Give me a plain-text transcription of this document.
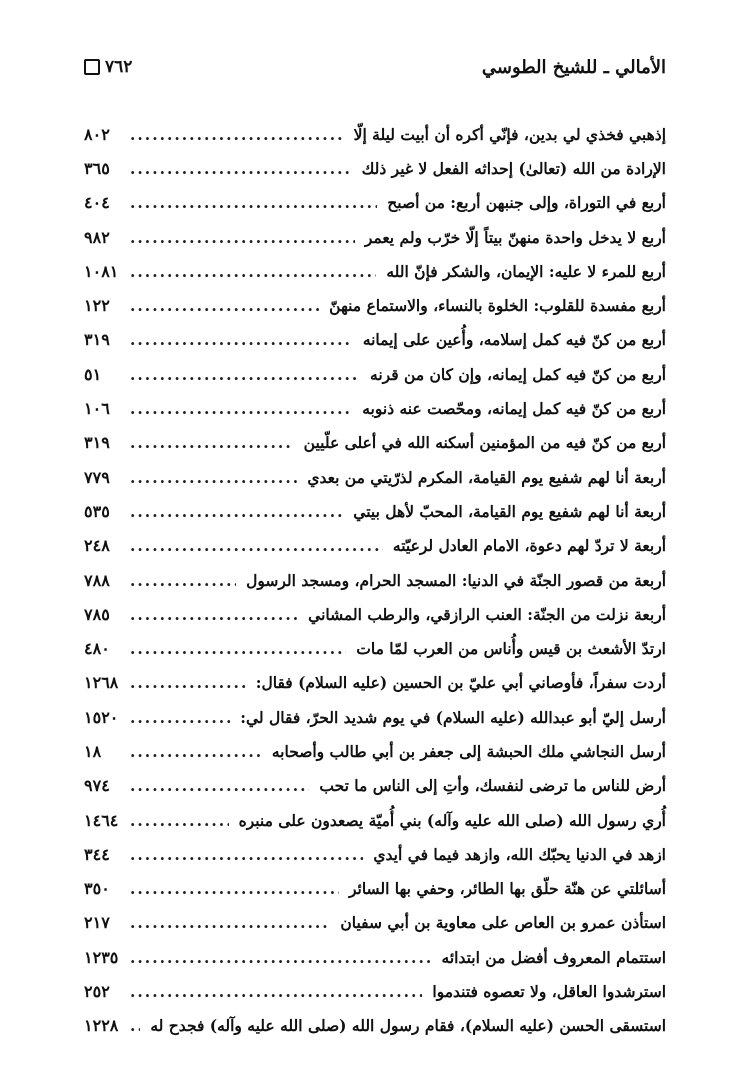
٧٦٢	الأمالي ـ للشيخ الطوسي
إذهبي فخذي لي بدين، فإنّي أكره أن أبيت ليلة إلّا
.....
٨٠٢
الإرادة من الله (تعالیٰ) إحداثه الفعل لا غير ذلك
.....
٣٦٥
أربع في التوراة، وإلى جنبهن أربع: من أصبح
.....
٤٠٤
أربع لا يدخل واحدة منهنّ بيتاً إلّا خرّب ولم يعمر
.....
٩٨٢
أربع للمرء لا عليه: الإيمان، والشكر فإنّ الله
.....
١٠٨١
أربع مفسدة للقلوب: الخلوة بالنساء، والاستماع منهنّ
.....
١٢٢
أربع من كنّ فيه كمل إسلامه، وأُعين على إيمانه
.....
٣١٩
أربع من كنّ فيه كمل إيمانه، وإن كان من قرنه
.....
٥١
أربع من كنّ فيه كمل إيمانه، ومحّصت عنه ذنوبه
.....
١٠٦
أربع من كنّ فيه من المؤمنين أسكنه الله في أعلى علّيين
.....
٣١٩
أربعة أنا لهم شفيع يوم القيامة، المكرم لذرّيتي من بعدي
.....
٧٧٩
أربعة أنا لهم شفيع يوم القيامة، المحبّ لأهل بيتي
.....
٥٣٥
أربعة لا تردّ لهم دعوة، الامام العادل لرعيّته
.....
٢٤٨
أربعة من قصور الجنّة في الدنيا: المسجد الحرام، ومسجد الرسول
.....
٧٨٨
أربعة نزلت من الجنّة: العنب الرازقي، والرطب المشاني
.....
٧٨٥
ارتدّ الأشعث بن قيس وأُناس من العرب لمّا مات
.....
٤٨٠
أردت سفراً، فأوصاني أبي عليّ بن الحسين (عليه السلام) فقال:
.....
١٢٦٨
أرسل إليّ أبو عبدالله (عليه السلام) في يوم شديد الحرّ، فقال لي:
.....
١٥٢٠
أرسل النجاشي ملك الحبشة إلى جعفر بن أبي طالب وأصحابه
.....
١٨
أرض للناس ما ترضى لنفسك، وأتِ إلى الناس ما تحب
.....
٩٧٤
أُري رسول الله (صلى الله عليه وآله) بني أُميّة يصعدون على منبره
.....
١٤٦٤
ازهد في الدنيا يحبّك الله، وازهد فيما في أيدي
.....
٣٤٤
أسائلتي عن هنّة حلّق بها الطائر، وحفي بها السائر
.....
٣٥٠
استأذن عمرو بن العاص على معاوية بن أبي سفيان
.....
٢١٧
استتمام المعروف أفضل من ابتدائه
.....
١٢٣٥
استرشدوا العاقل، ولا تعصوه فتندموا
.....
٢٥٢
استسقى الحسن (عليه السلام)، فقام رسول الله (صلى الله عليه وآله) فجدح له
.....
١٢٢٨
